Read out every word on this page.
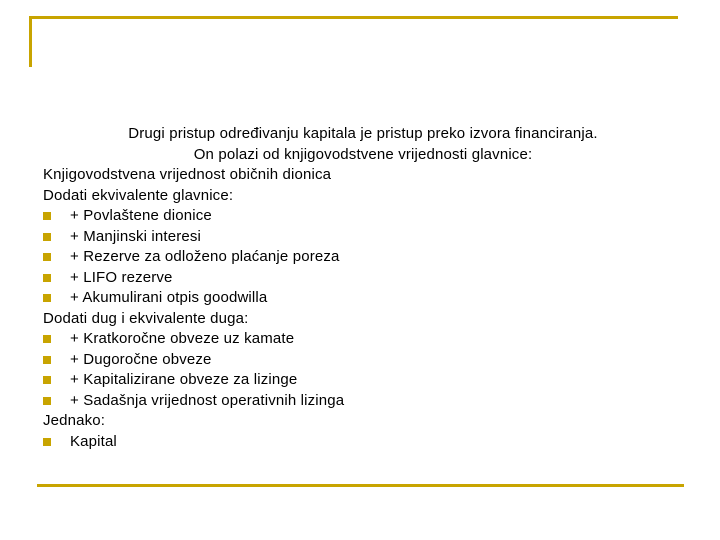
Drugi pristup određivanju kapitala je pristup preko izvora financiranja.
On polazi od knjigovodstvene vrijednosti glavnice:
Knjigovodstvena vrijednost običnih dionica
Dodati ekvivalente glavnice:
+ Povlaštene dionice
+ Manjinski interesi
+ Rezerve za odloženo plaćanje poreza
+ LIFO rezerve
+ Akumulirani otpis goodwilla
Dodati dug i ekvivalente duga:
+ Kratkoročne obveze uz kamate
+ Dugoročne obveze
+ Kapitalizirane obveze za lizinge
+ Sadašnja vrijednost operativnih lizinga
Jednako:
Kapital
